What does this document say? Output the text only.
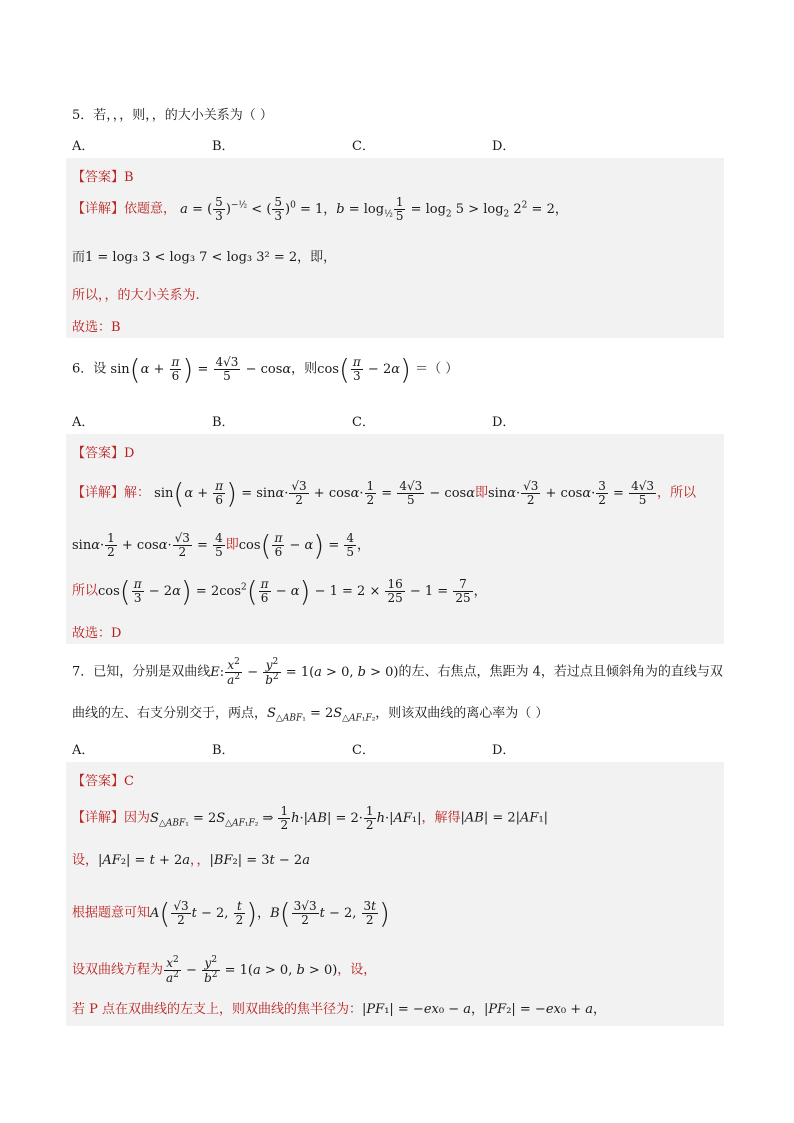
5．若，，，则，，的大小关系为（ ）
A．	B．	C．	D．
【答案】B
【详解】依题意， a = ( $\frac{5}{3} )^{-\frac{1}{2}}$ < ( $\frac{5}{3} )^0 = 1$，$b = \log_{\frac{1}{2}} \frac{1}{5} = \log_2 5 > \log_2 2^2 = 2$，
而1 = log₃ 3 < log₃ 7 < log₃ 3² = 2，即，
所以，，的大小关系为.
故选：B
6．设 $\sin(\alpha + \frac{\pi}{6}$ ) = $\frac{4√3}{5} - \cos\alpha$，则$\cos( \frac{\pi}{3} - 2\alpha)$ ＝（ ）
A．	B．	C．	D．
【答案】D
【详解】解： $\sin(\alpha + \frac{\pi}{6}$ ) = $\sin\alpha\cdot \frac{√3}{2} + \cos\alpha\cdot \frac{1}{2} = \frac{4√3}{5} - \cos\alpha$即$\sin\alpha\cdot \frac{√3}{2} + \cos\alpha\cdot \frac{3}{2} = \frac{4√3}{5}$ ，所以
$\sin\alpha\cdot \frac{1}{2} + \cos\alpha\cdot \frac{√3}{2} = \frac{4}{5}$ 即$\cos( \frac{\pi}{6} - \alpha) = \frac{4}{5}$ ，
所以$\cos( \frac{\pi}{3} - 2\alpha) = 2\cos^2( \frac{\pi}{6} - \alpha) - 1 = 2 \times \frac{16}{25} - 1 = \frac{7}{25}$ ，
故选：D
7．已知，分别是双曲线E: $\frac{x^2}{a^2} - \frac{y^2}{b^2} = 1(a > 0$, b > 0)的左、右焦点，焦距为 4，若过点且倾斜角为的直线与双
曲线的左、右支分别交于，两点，$S_{\triangle ABF_1} = 2S_{\triangle AF_1F_2}$，则该双曲线的离心率为（ ）
A．	B．	C．	D．
【答案】C
【详解】因为$S_{\triangle ABF_1} = 2S_{\triangle AF_1F_2}$ ⇒ $\frac{1}{2} h\cdot|AB| = 2\cdot \frac{1}{2} h\cdot|AF_1|$，解得|AB| = 2|AF₁|
设，|AF₂| = t + 2a，，|BF₂| = 3t − 2a
根据题意可知$A( \frac{√3}{2}$ t − 2, $\frac{t}{2}$ )，$B( \frac{3√3}{2}$ t − 2, $\frac{3t}{2}$ )
设双曲线方程为 $\frac{x^2}{a^2} - \frac{y^2}{b^2} = 1(a > 0$, b > 0)，设，
若 P 点在双曲线的左支上，则双曲线的焦半径为：|PF₁| = −ex₀ − a，|PF₂| = −ex₀ + a，
